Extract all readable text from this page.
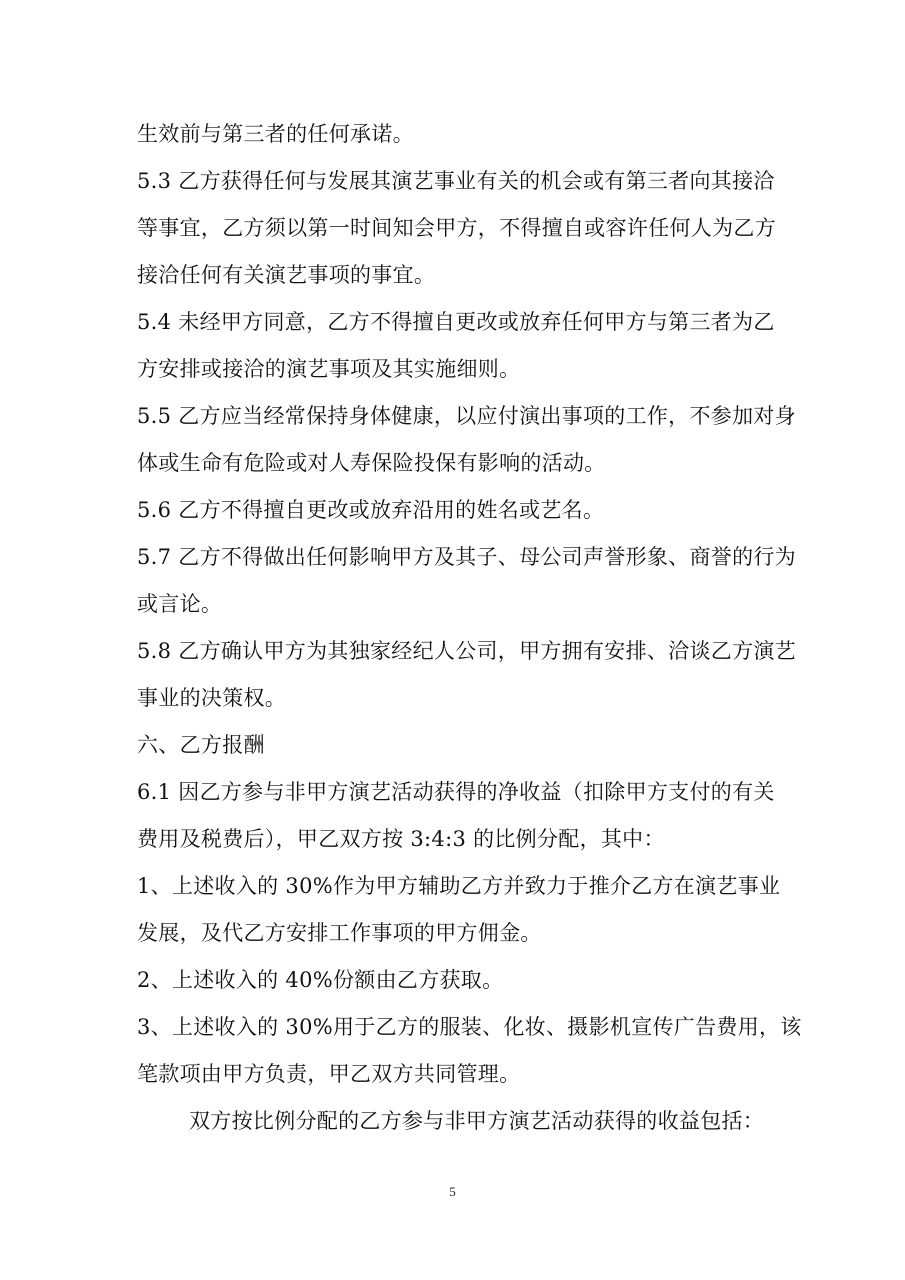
生效前与第三者的任何承诺。
5.3 乙方获得任何与发展其演艺事业有关的机会或有第三者向其接洽
等事宜，乙方须以第一时间知会甲方，不得擅自或容许任何人为乙方
接洽任何有关演艺事项的事宜。
5.4 未经甲方同意，乙方不得擅自更改或放弃任何甲方与第三者为乙
方安排或接洽的演艺事项及其实施细则。
5.5 乙方应当经常保持身体健康，以应付演出事项的工作，不参加对身
体或生命有危险或对人寿保险投保有影响的活动。
5.6 乙方不得擅自更改或放弃沿用的姓名或艺名。
5.7 乙方不得做出任何影响甲方及其子、母公司声誉形象、商誉的行为
或言论。
5.8 乙方确认甲方为其独家经纪人公司，甲方拥有安排、洽谈乙方演艺
事业的决策权。
六、乙方报酬
6.1 因乙方参与非甲方演艺活动获得的净收益（扣除甲方支付的有关
费用及税费后），甲乙双方按 3:4:3 的比例分配，其中：
1、上述收入的 30%作为甲方辅助乙方并致力于推介乙方在演艺事业
发展，及代乙方安排工作事项的甲方佣金。
2、上述收入的 40%份额由乙方获取。
3、上述收入的 30%用于乙方的服装、化妆、摄影机宣传广告费用，该
笔款项由甲方负责，甲乙双方共同管理。
双方按比例分配的乙方参与非甲方演艺活动获得的收益包括：
5
